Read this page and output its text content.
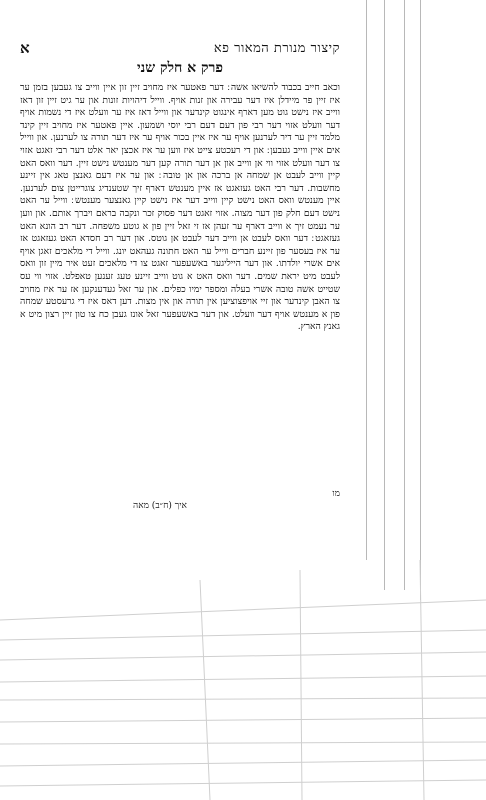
קיצור מנורת המאור פא
א
פרק א חלק שני

וכאב חייב בכבוד להשיאו אשה ׃ דער פאטער איז מחויב זיין זון איין ווייב צו געבען בזמן ער איז זיין פר מיידלן איז דער עבירה און זנות אויף. ווייל דיהויות זונות און ער גיט זיין זון דאז ווייב איז נישט גוט מען דארף אינגוט קינדער און ווייל דאז איז ער וועלט איז די נשמות אויף דער וועלט אזוי דער רבי פון דעם דעם רבי יוסי ושמעון. איין פאטער איז מחויב זיין קינד מלמד זיין ער דיר לערנען אויף ער איז איין בכור אויף ער איז דער תורה צו לערנען. און ווייל אים איין ווייב געבען ׃ און די רעכטע צייט איז ווען ער איז אכצן יאר אלט דער רבי זאגט אזוי צו דער וועלט אזוי ווי אן ווייב און אן דער תורה קען דער מענטש נישט זיין. דער וואס האט קיין ווייב לעבט אן שמחה אן ברכה און אן טובה ׃ און ער איז דעם גאנצן טאג אין זיינע מחשבות. דער רבי האט געזאגט אז איין מענטש דארף זיך שטענדיג צוגרייטן צום לערנען. איין מענטש וואס האט נישט קיין ווייב דער איז נישט קיין גאנצער מענטש ׃ ווייל ער האט נישט דעם חלק פון דער מצוה. אזוי זאגט דער פסוק זכר ונקבה בראם ויברך אותם. און ווען ער נעמט זיך א ווייב דארף ער זעהן אז זי זאל זיין פון א גוטע משפחה. דער רב הונא האט געזאגט ׃ דער וואס לעבט אן ווייב דער לעבט אן גוטס. און דער רב חסדא האט געזאגט אז ער איז בעסער פון זיינע חברים ווייל ער האט חתונה געהאט יונג. ווייל די מלאכים זאגן אויף אים אשרי יולדתו. און דער הייליגער באשעפער זאגט צו די מלאכים זעט איר מיין זון וואס לעבט מיט יראת שמים. דער וואס האט א גוט ווייב זיינע טעג זענען טאפלט. אזוי ווי עס שטייט אשה טובה אשרי בעלה ומספר ימיו כפלים. און ער זאל געדענקען אז ער איז מחויב צו האבן קינדער און זיי אויפצוציען אין תורה און אין מצות. דען דאס איז די גרעסטע שמחה פון א מענטש אויף דער וועלט. און דער באשעפער זאל אונז געבן כח צו טון זיין רצון מיט א גאנץ הארץ.

מו
איך (ח״ב) מאה
